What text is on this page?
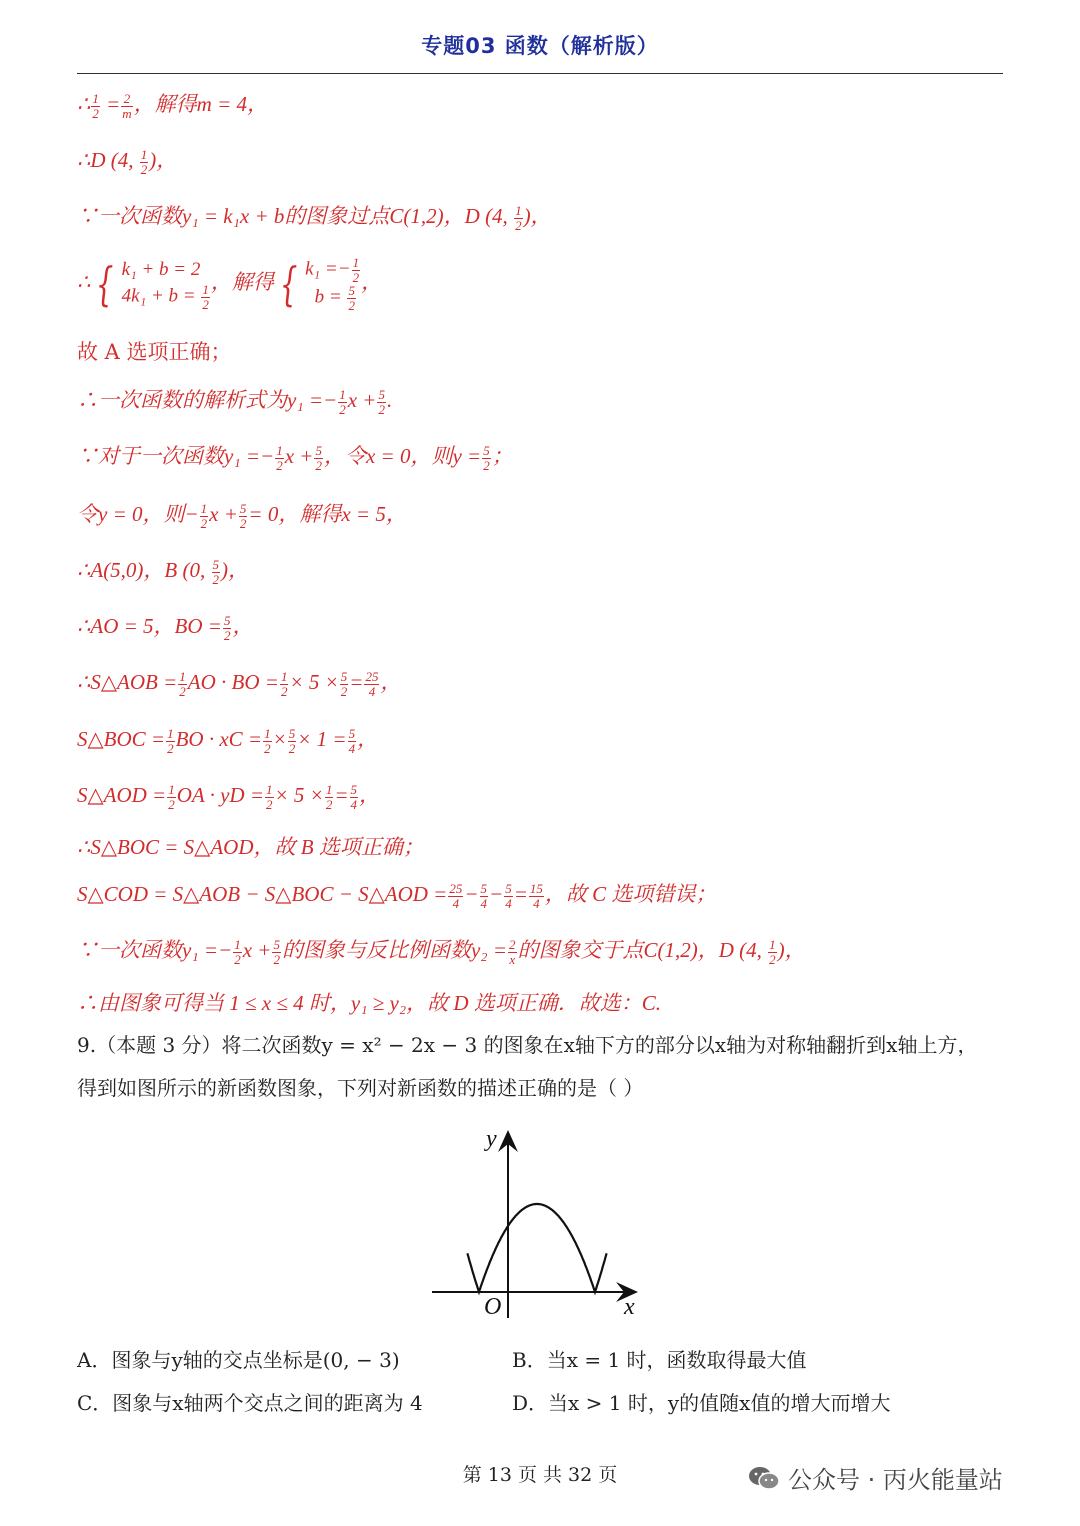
专题03 函数（解析版）
∴ $\frac{1}{2} = \frac{2}{m}$ ，解得m = 4，
∴D (4, $\frac{1}{2}$ )，
∵一次函数y₁ = k₁x + b的图象过点C(1,2)，D (4, $\frac{1}{2}$ )，
∴ { k₁ + b = 2
$4k_1 + b = \frac{1}{2}$
，解得 { $k_1 =- \frac{1}{2}$
$b = \frac{5}{2}$
，
故 A 选项正确；
∴一次函数的解析式为$y_1 =- \frac{1}{2}$ $x + \frac{5}{2}$ .
∵对于一次函数$y_1 =- \frac{1}{2}$ $x + \frac{5}{2}$ ，令x = 0，则$y = \frac{5}{2}$ ；
令y = 0，则− $\frac{1}{2}$ $x + \frac{5}{2} = 0$，解得x = 5，
∴A(5,0)，B (0, $\frac{5}{2}$ )，
∴AO = 5，BO = $\frac{5}{2}$ ，
∴S△AOB = $\frac{1}{2}$ AO · BO = $\frac{1}{2} \times 5 \times \frac{5}{2} = \frac{25}{4}$ ，
S△BOC = $\frac{1}{2}$ BO · xC = $\frac{1}{2} \times \frac{5}{2} \times 1 = \frac{5}{4}$ ，
S△AOD = $\frac{1}{2}$ OA · yD = $\frac{1}{2} \times 5 \times \frac{1}{2} = \frac{5}{4}$ ，
∴S△BOC = S△AOD，故 B 选项正确；
S△COD = S△AOB − S△BOC − S△AOD = $\frac{25}{4} - \frac{5}{4} - \frac{5}{4} = \frac{15}{4}$ ，故 C 选项错误；
∵一次函数$y_1 =- \frac{1}{2}$ $x + \frac{5}{2}$ 的图象与反比例函数$y_2 = \frac{2}{x}$ 的图象交于点C(1,2)，D (4, $\frac{1}{2}$ )，
∴由图象可得当 1 ≤ x ≤ 4 时，y₁ ≥ y₂，故 D 选项正确．故选：C.
9.（本题 3 分）将二次函数y = x² − 2x − 3 的图象在x轴下方的部分以x轴为对称轴翻折到x轴上方，
得到如图所示的新函数图象，下列对新函数的描述正确的是（ ）
y
x
O
A．图象与y轴的交点坐标是(0, − 3)	B．当x = 1 时，函数取得最大值
C．图象与x轴两个交点之间的距离为 4	D．当x > 1 时，y的值随x值的增大而增大
第 13 页 共 32 页	公众号 · 丙火能量站
